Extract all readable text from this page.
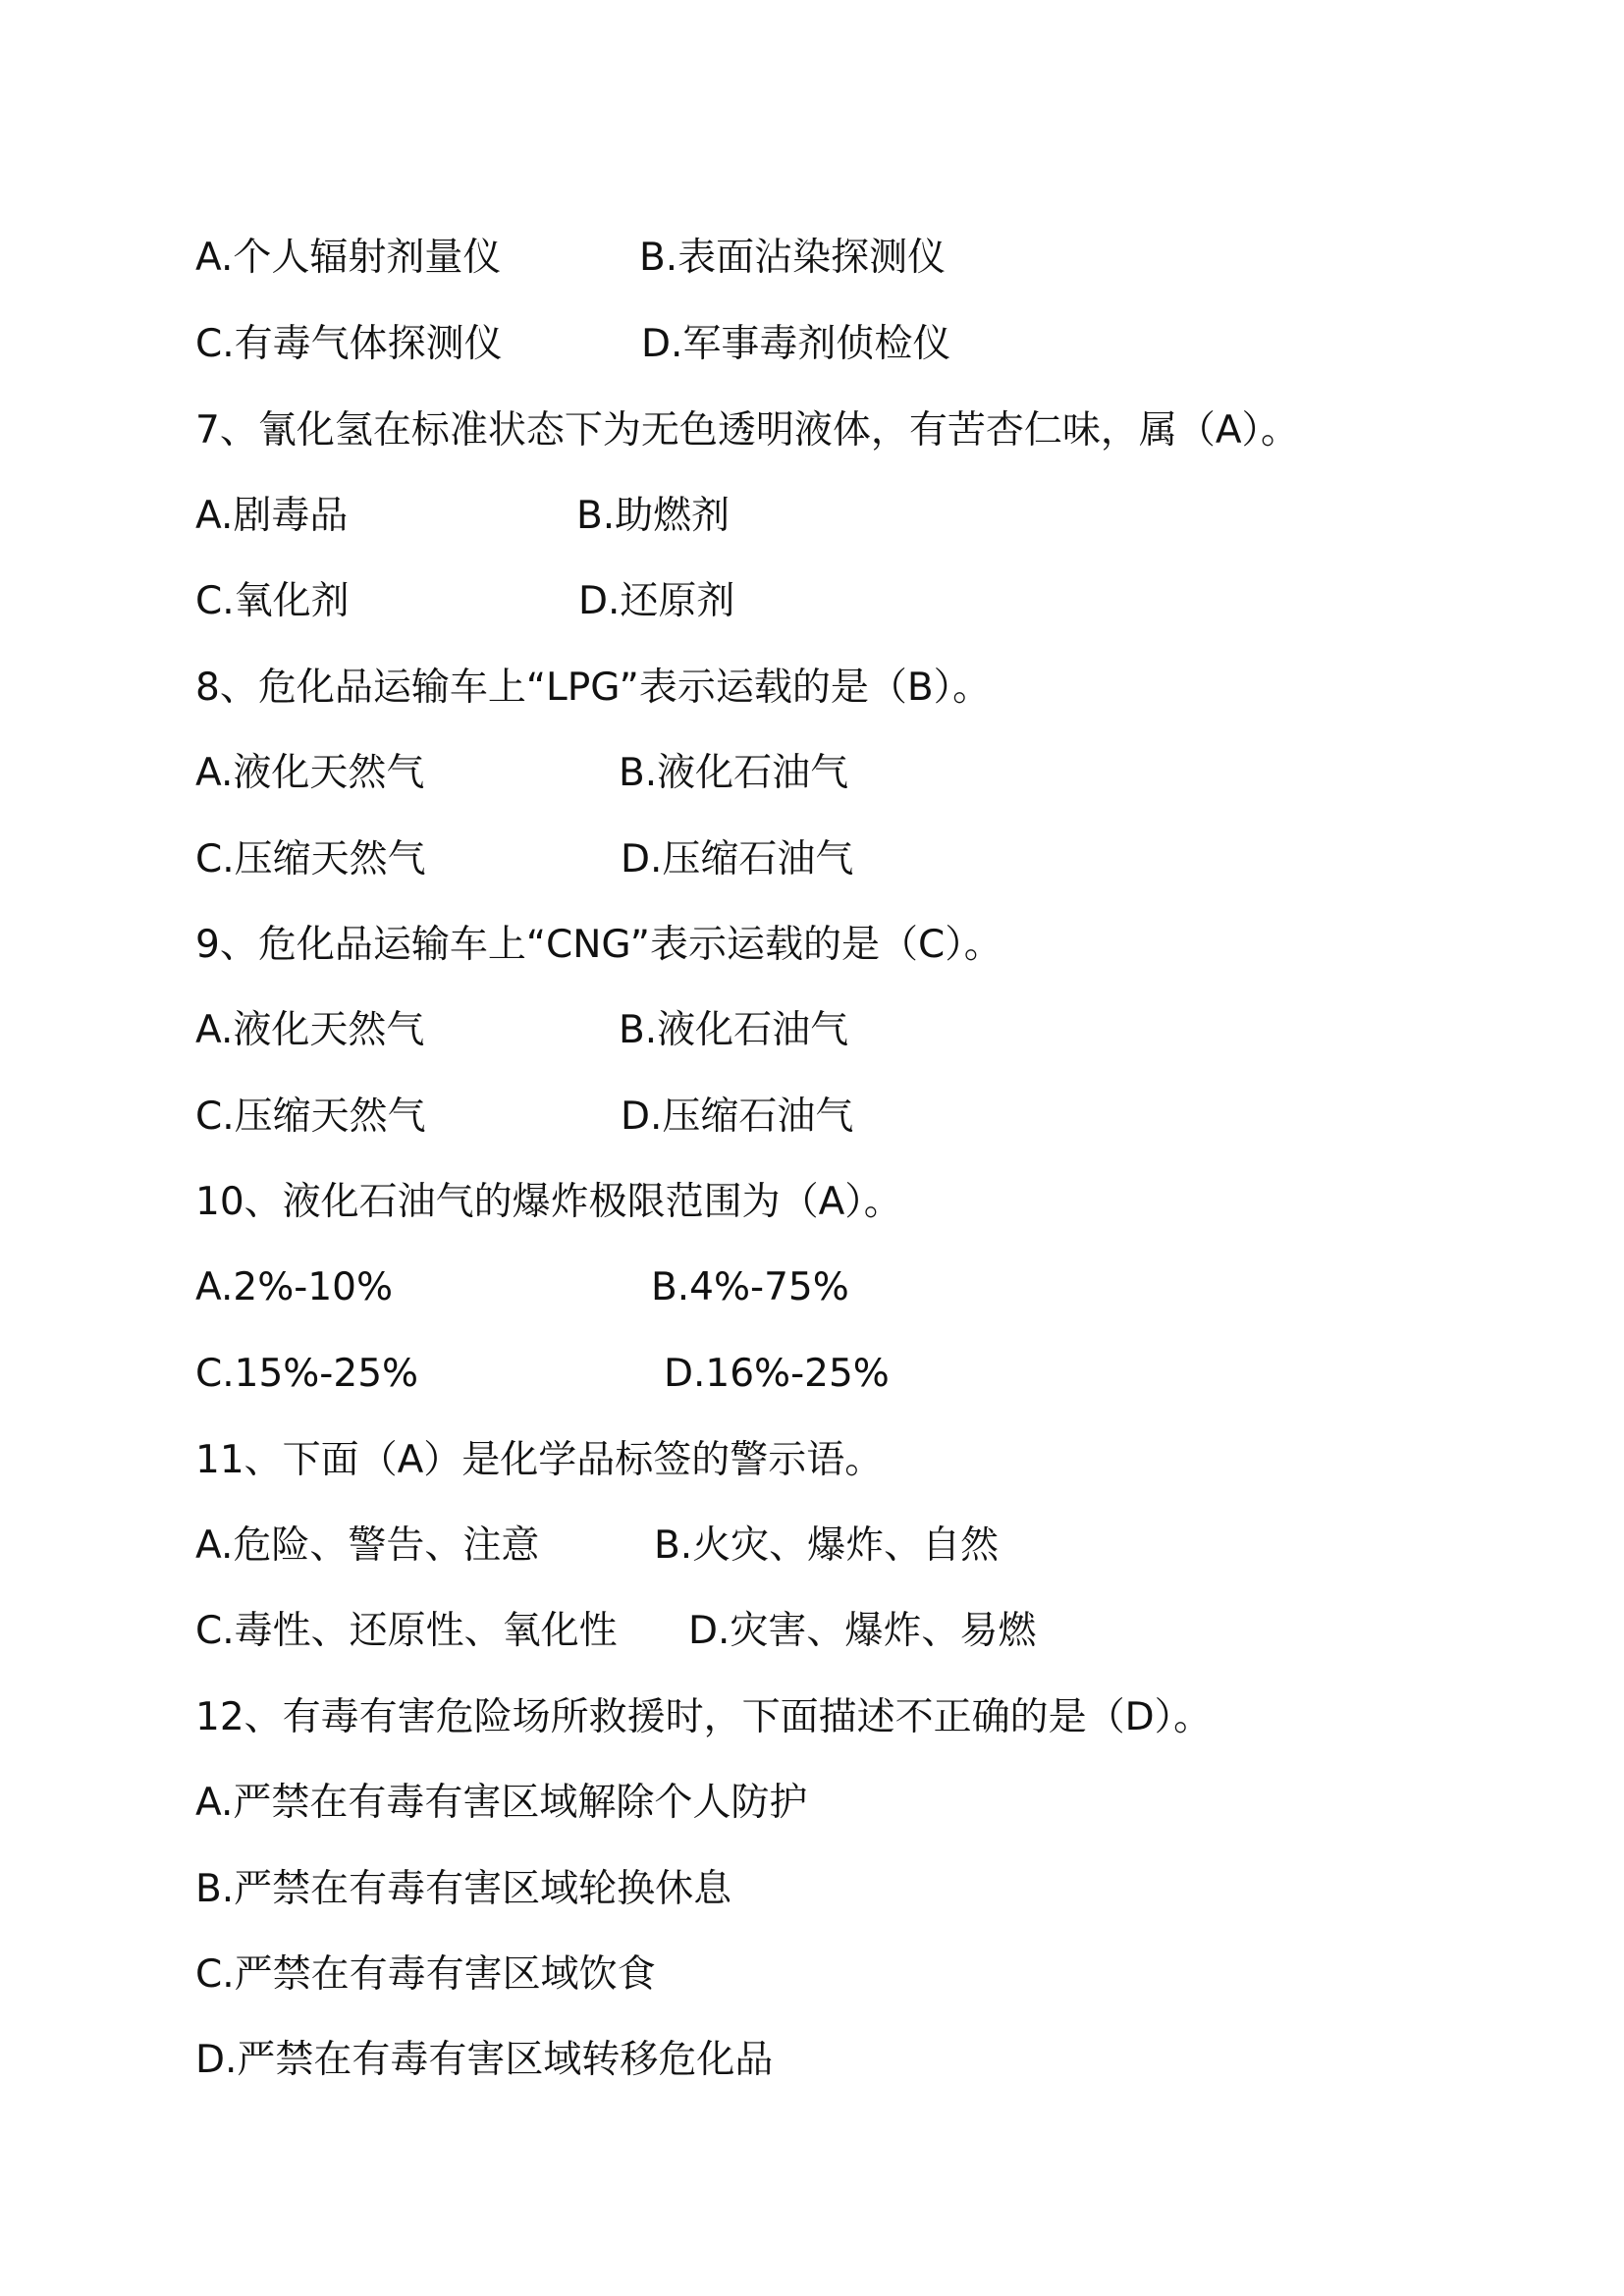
A.个人辐射剂量仪	B.表面沾染探测仪
C.有毒气体探测仪	D.军事毒剂侦检仪
7、氰化氢在标准状态下为无色透明液体，有苦杏仁味，属（A）。
A.剧毒品	B.助燃剂
C.氧化剂	D.还原剂
8、危化品运输车上“LPG”表示运载的是（B）。
A.液化天然气	B.液化石油气
C.压缩天然气	D.压缩石油气
9、危化品运输车上“CNG”表示运载的是（C）。
A.液化天然气	B.液化石油气
C.压缩天然气	D.压缩石油气
10、液化石油气的爆炸极限范围为（A）。
A.2%-10%	B.4%-75%
C.15%-25%	D.16%-25%
11、下面（A）是化学品标签的警示语。
A.危险、警告、注意	B.火灾、爆炸、自然
C.毒性、还原性、氧化性 D.灾害、爆炸、易燃
12、有毒有害危险场所救援时，下面描述不正确的是（D）。
A.严禁在有毒有害区域解除个人防护
B.严禁在有毒有害区域轮换休息
C.严禁在有毒有害区域饮食
D.严禁在有毒有害区域转移危化品
